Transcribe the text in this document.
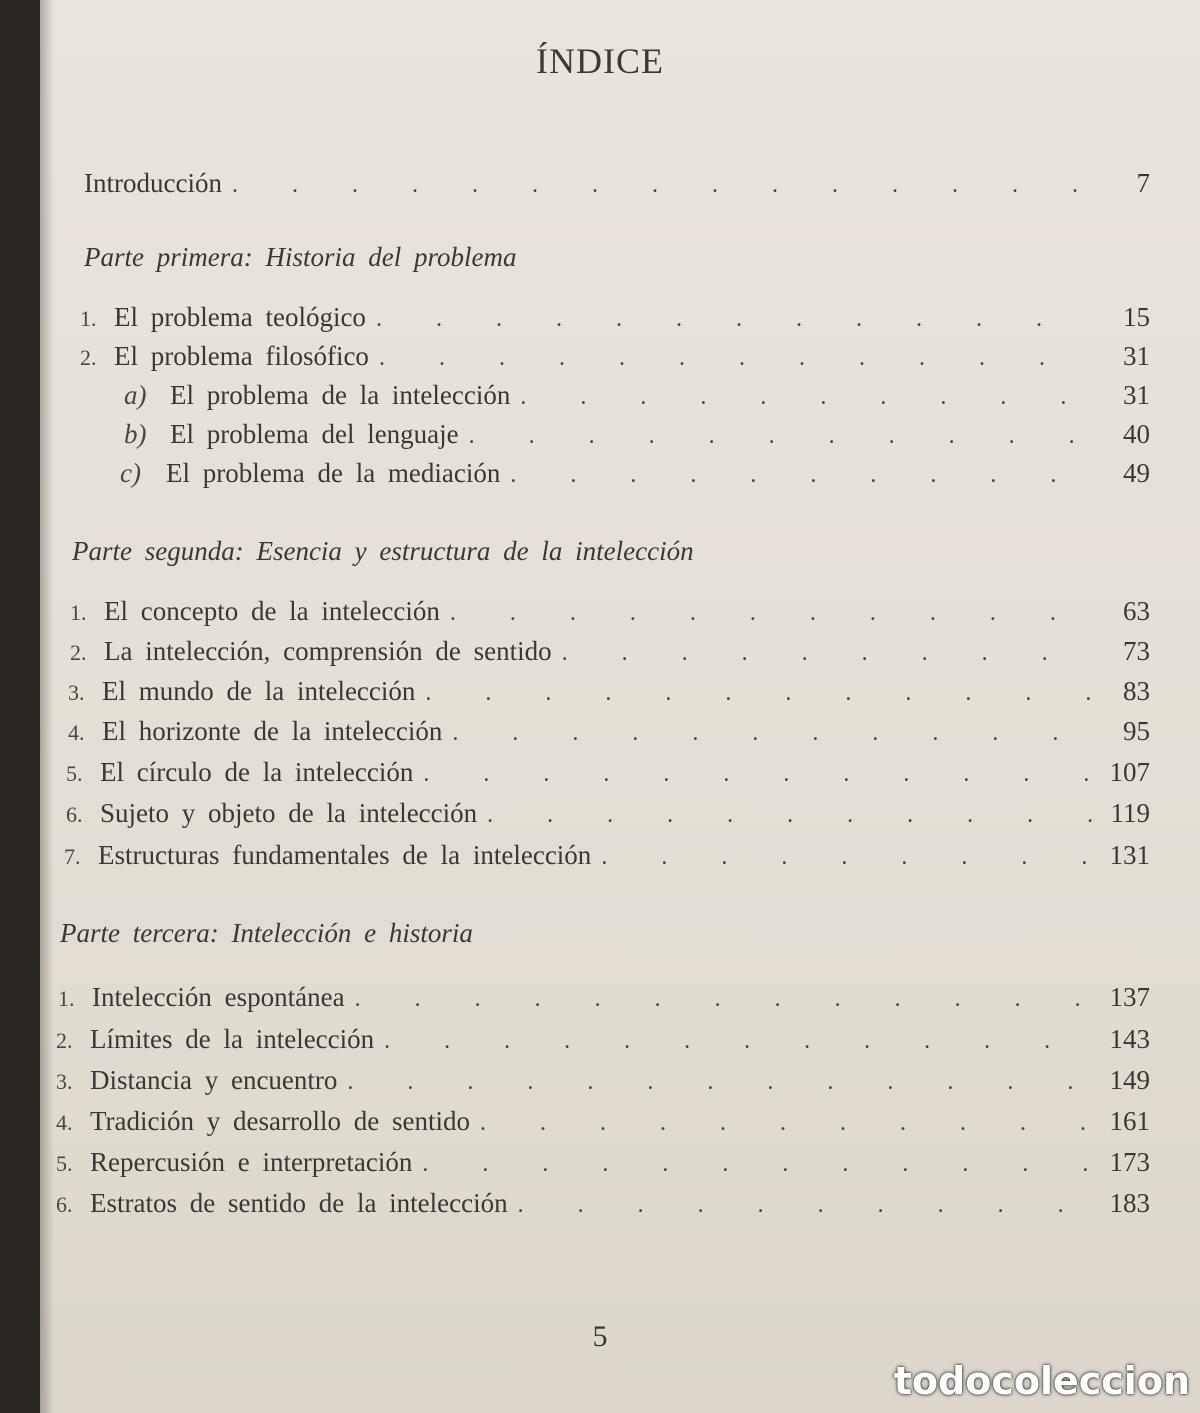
ÍNDICE
Introducción . . .	7
Parte primera: Historia del problema
1. El problema teológico . . .	15
2. El problema filosófico . . .	31
a) El problema de la intelección . . .	31
b) El problema del lenguaje . . .	40
c) El problema de la mediación . . .	49
Parte segunda: Esencia y estructura de la intelección
1. El concepto de la intelección . . .	63
2. La intelección, comprensión de sentido . . .	73
3. El mundo de la intelección . . .	83
4. El horizonte de la intelección . . .	95
5. El círculo de la intelección . . .	107
6. Sujeto y objeto de la intelección . . .	119
7. Estructuras fundamentales de la intelección . . .	131
Parte tercera: Intelección e historia
1. Intelección espontánea . . .	137
2. Límites de la intelección . . .	143
3. Distancia y encuentro . . .	149
4. Tradición y desarrollo de sentido . . .	161
5. Repercusión e interpretación . . .	173
6. Estratos de sentido de la intelección . . .	183
5
todocoleccion
